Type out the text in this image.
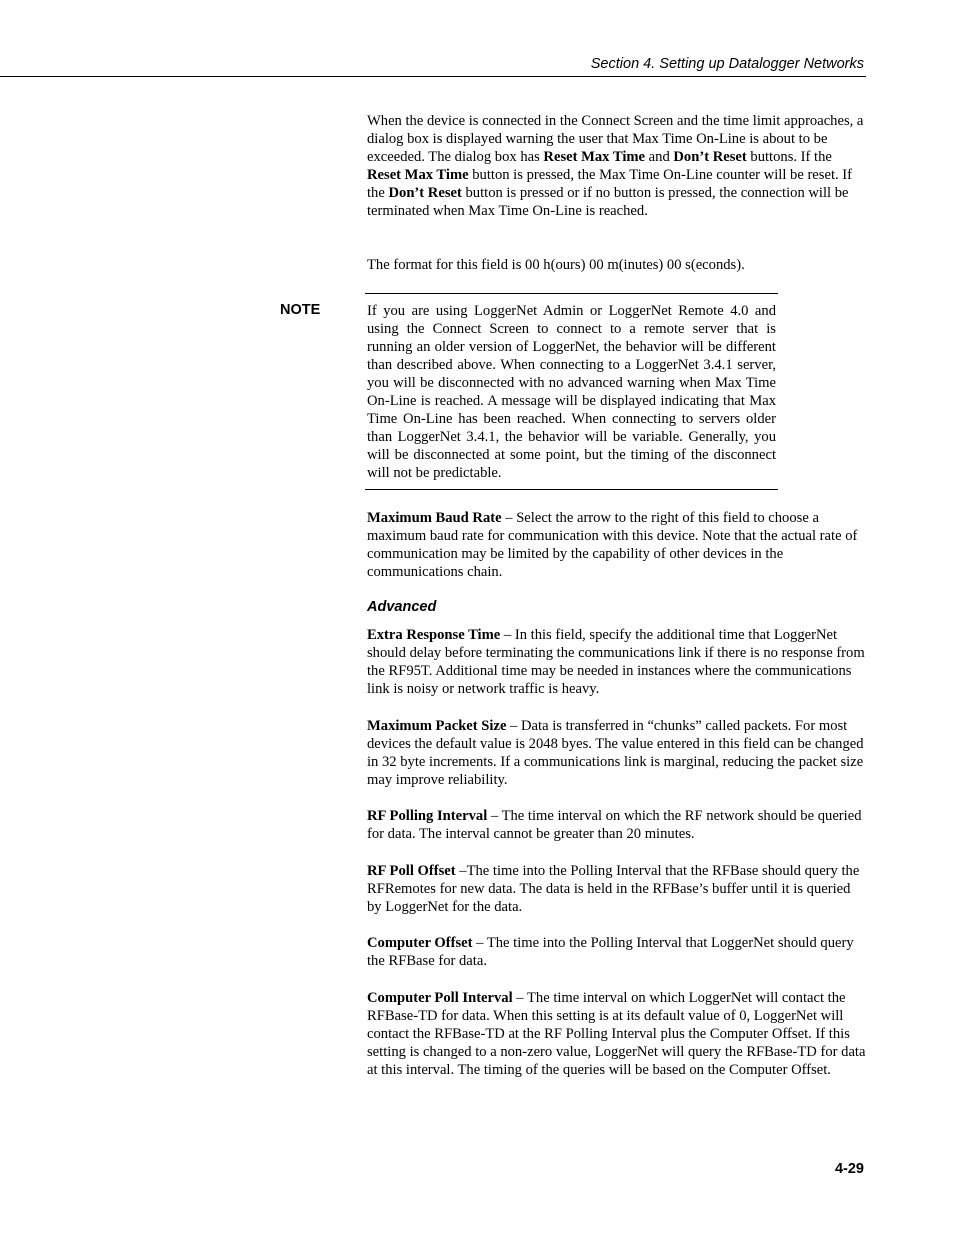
Section 4. Setting up Datalogger Networks

When the device is connected in the Connect Screen and the time limit approaches, a dialog box is displayed warning the user that Max Time On-Line is about to be exceeded. The dialog box has Reset Max Time and Don’t Reset buttons. If the Reset Max Time button is pressed, the Max Time On-Line counter will be reset. If the Don’t Reset button is pressed or if no button is pressed, the connection will be terminated when Max Time On-Line is reached.

The format for this field is 00 h(ours) 00 m(inutes) 00 s(econds).

NOTE	If you are using LoggerNet Admin or LoggerNet Remote 4.0 and using the Connect Screen to connect to a remote server that is running an older version of LoggerNet, the behavior will be different than described above. When connecting to a LoggerNet 3.4.1 server, you will be disconnected with no advanced warning when Max Time On-Line is reached. A message will be displayed indicating that Max Time On-Line has been reached. When connecting to servers older than LoggerNet 3.4.1, the behavior will be variable. Generally, you will be disconnected at some point, but the timing of the disconnect will not be predictable.

Maximum Baud Rate – Select the arrow to the right of this field to choose a maximum baud rate for communication with this device. Note that the actual rate of communication may be limited by the capability of other devices in the communications chain.

Advanced

Extra Response Time – In this field, specify the additional time that LoggerNet should delay before terminating the communications link if there is no response from the RF95T. Additional time may be needed in instances where the communications link is noisy or network traffic is heavy.

Maximum Packet Size – Data is transferred in “chunks” called packets. For most devices the default value is 2048 byes. The value entered in this field can be changed in 32 byte increments. If a communications link is marginal, reducing the packet size may improve reliability.

RF Polling Interval – The time interval on which the RF network should be queried for data. The interval cannot be greater than 20 minutes.

RF Poll Offset –The time into the Polling Interval that the RFBase should query the RFRemotes for new data. The data is held in the RFBase’s buffer until it is queried by LoggerNet for the data.

Computer Offset – The time into the Polling Interval that LoggerNet should query the RFBase for data.

Computer Poll Interval – The time interval on which LoggerNet will contact the RFBase-TD for data. When this setting is at its default value of 0, LoggerNet will contact the RFBase-TD at the RF Polling Interval plus the Computer Offset. If this setting is changed to a non-zero value, LoggerNet will query the RFBase-TD for data at this interval. The timing of the queries will be based on the Computer Offset.

4-29
